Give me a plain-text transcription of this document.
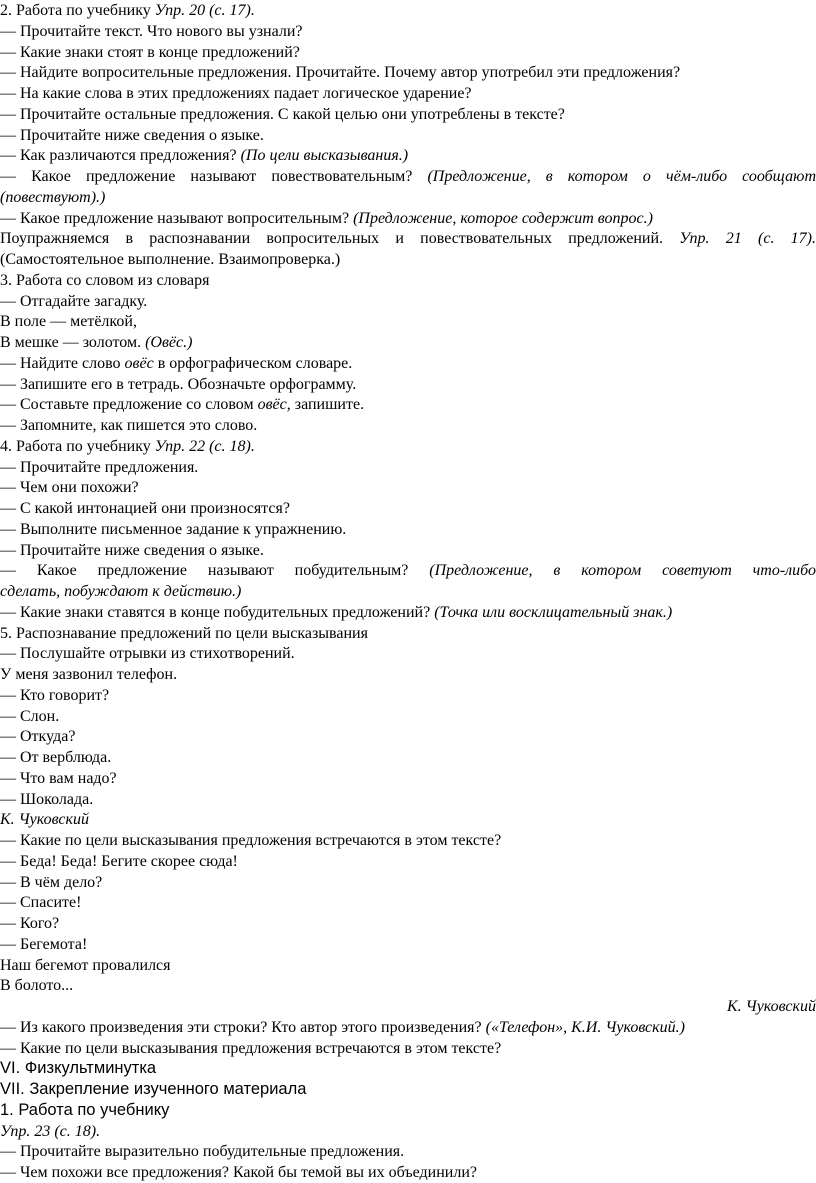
2. Работа по учебнику Упр. 20 (с. 17).
— Прочитайте текст. Что нового вы узнали?
— Какие знаки стоят в конце предложений?
— Найдите вопросительные предложения. Прочитайте. Почему автор употребил эти предложения?
— На какие слова в этих предложениях падает логическое ударение?
— Прочитайте остальные предложения. С какой целью они употреблены в тексте?
— Прочитайте ниже сведения о языке.
— Как различаются предложения? (По цели высказывания.)
— Какое предложение называют повествовательным? (Предложение, в котором о чём-либо сообщают
(повествуют).)
— Какое предложение называют вопросительным? (Предложение, которое содержит вопрос.)
Поупражняемся в распознавании вопросительных и повествовательных предложений. Упр. 21 (с. 17).
(Самостоятельное выполнение. Взаимопроверка.)
3. Работа со словом из словаря
— Отгадайте загадку.
В поле — метёлкой,
В мешке — золотом. (Овёс.)
— Найдите слово овёс в орфографическом словаре.
— Запишите его в тетрадь. Обозначьте орфограмму.
— Составьте предложение со словом овёс, запишите.
— Запомните, как пишется это слово.
4. Работа по учебнику Упр. 22 (с. 18).
— Прочитайте предложения.
— Чем они похожи?
— С какой интонацией они произносятся?
— Выполните письменное задание к упражнению.
— Прочитайте ниже сведения о языке.
— Какое предложение называют побудительным? (Предложение, в котором советуют что-либо
сделать, побуждают к действию.)
— Какие знаки ставятся в конце побудительных предложений? (Точка или восклицательный знак.)
5. Распознавание предложений по цели высказывания
— Послушайте отрывки из стихотворений.
У меня зазвонил телефон.
— Кто говорит?
— Слон.
— Откуда?
— От верблюда.
— Что вам надо?
— Шоколада.
К. Чуковский
— Какие по цели высказывания предложения встречаются в этом тексте?
— Беда! Беда! Бегите скорее сюда!
— В чём дело?
— Спасите!
— Кого?
— Бегемота!
Наш бегемот провалился
В болото...
К. Чуковский
— Из какого произведения эти строки? Кто автор этого произведения? («Телефон», К.И. Чуковский.)
— Какие по цели высказывания предложения встречаются в этом тексте?
VI. Физкультминутка
VII. Закрепление изученного материала
1. Работа по учебнику
Упр. 23 (с. 18).
— Прочитайте выразительно побудительные предложения.
— Чем похожи все предложения? Какой бы темой вы их объединили?
